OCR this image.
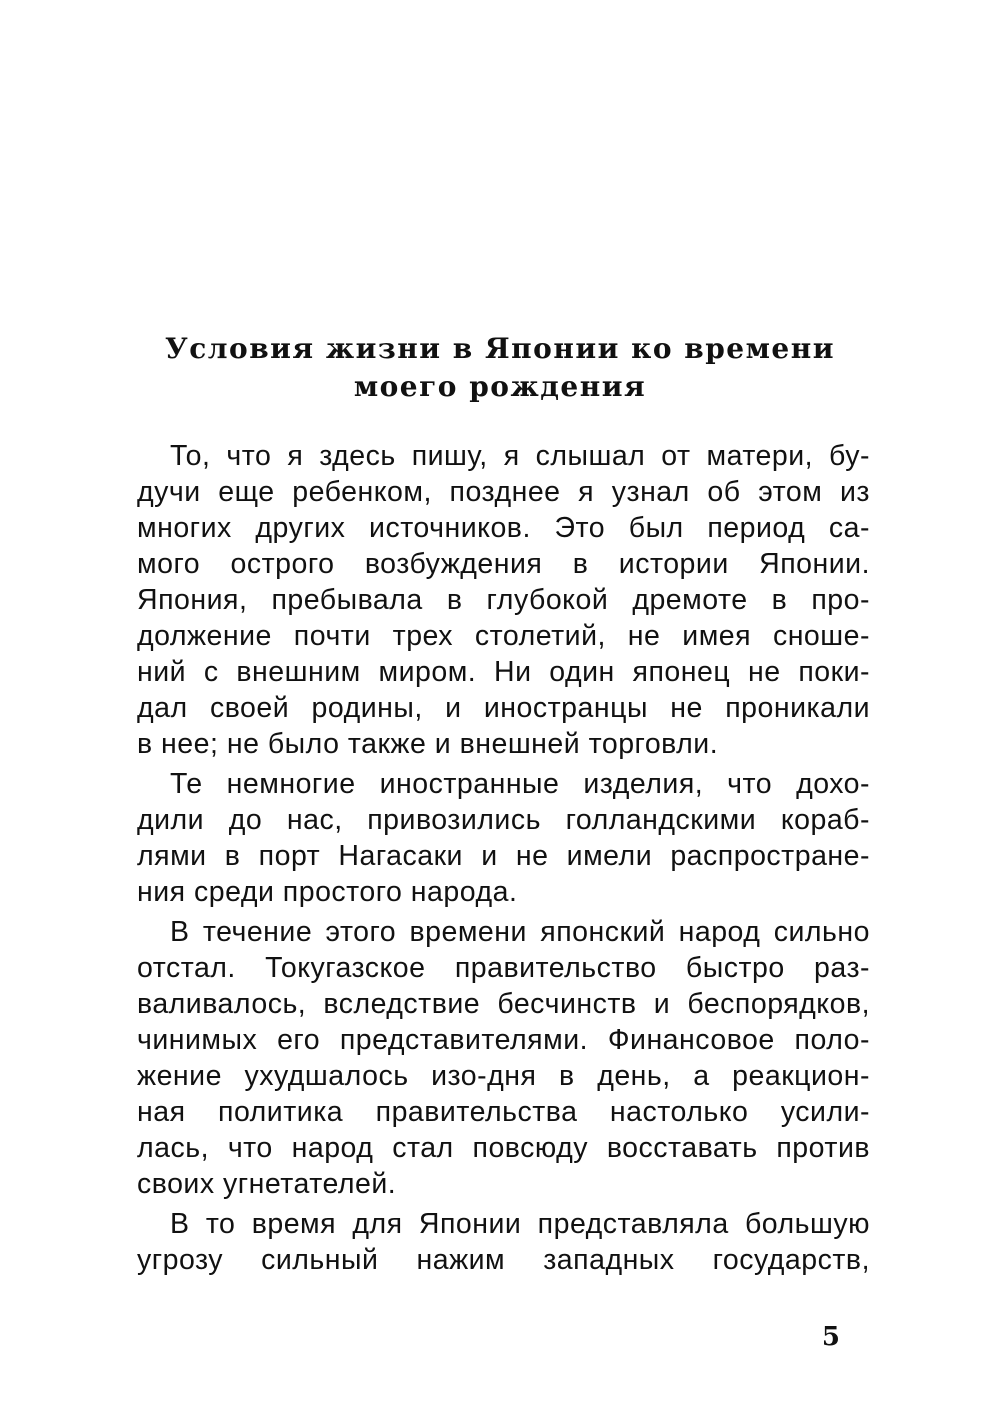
Условия жизни в Японии ко времени
моего рождения
То, что я здесь пишу, я слышал от матери, бу-
дучи еще ребенком, позднее я узнал об этом из
многих других источников. Это был период са-
мого острого возбуждения в истории Японии.
Япония, пребывала в глубокой дремоте в про-
должение почти трех столетий, не имея сноше-
ний с внешним миром. Ни один японец не поки-
дал своей родины, и иностранцы не проникали
в нее; не было также и внешней торговли.
Те немногие иностранные изделия, что дохо-
дили до нас, привозились голландскими кораб-
лями в порт Нагасаки и не имели распростране-
ния среди простого народа.
В течение этого времени японский народ сильно
отстал. Токугазское правительство быстро раз-
валивалось, вследствие бесчинств и беспорядков,
чинимых его представителями. Финансовое поло-
жение ухудшалось изо-дня в день, а реакцион-
ная политика правительства настолько усили-
лась, что народ стал повсюду восставать против
своих угнетателей.
В то время для Японии представляла большую
угрозу сильный нажим западных государств,
5
